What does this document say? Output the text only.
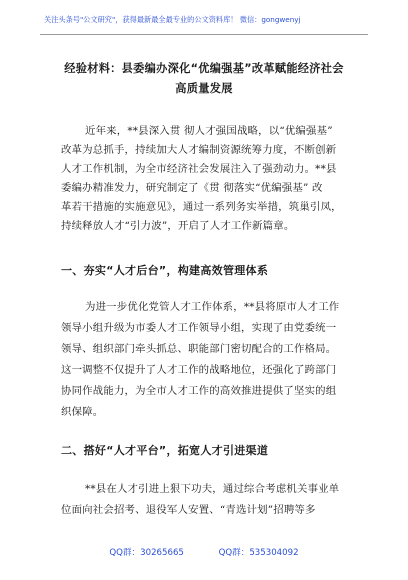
关注头条号"公文研究"，获得最新最全最专业的公文资料库！ 微信：gongwenyj
经验材料：县委编办深化“优编强基”改革赋能经济社会
高质量发展
近年来，**县深入贯 彻人才强国战略，以“优编强基”
改革为总抓手，持续加大人才编制资源统筹力度，不断创新
人才工作机制，为全市经济社会发展注入了强劲动力。**县
委编办精准发力，研究制定了《贯 彻落实“优编强基” 改
革若干措施的实施意见》，通过一系列务实举措，筑巢引凤，
持续释放人才“引力波”，开启了人才工作新篇章。
一、夯实“人才后台”，构建高效管理体系
为进一步优化党管人才工作体系，**县将原市人才工作
领导小组升级为市委人才工作领导小组，实现了由党委统一
领导、组织部门牵头抓总、职能部门密切配合的工作格局。
这一调整不仅提升了人才工作的战略地位，还强化了跨部门
协同作战能力，为全市人才工作的高效推进提供了坚实的组
织保障。
二、搭好“人才平台”，拓宽人才引进渠道
**县在人才引进上狠下功夫，通过综合考虑机关事业单
位面向社会招考、退役军人安置、“青选计划”招聘等多
QQ群：30265665	QQ群：535304092
